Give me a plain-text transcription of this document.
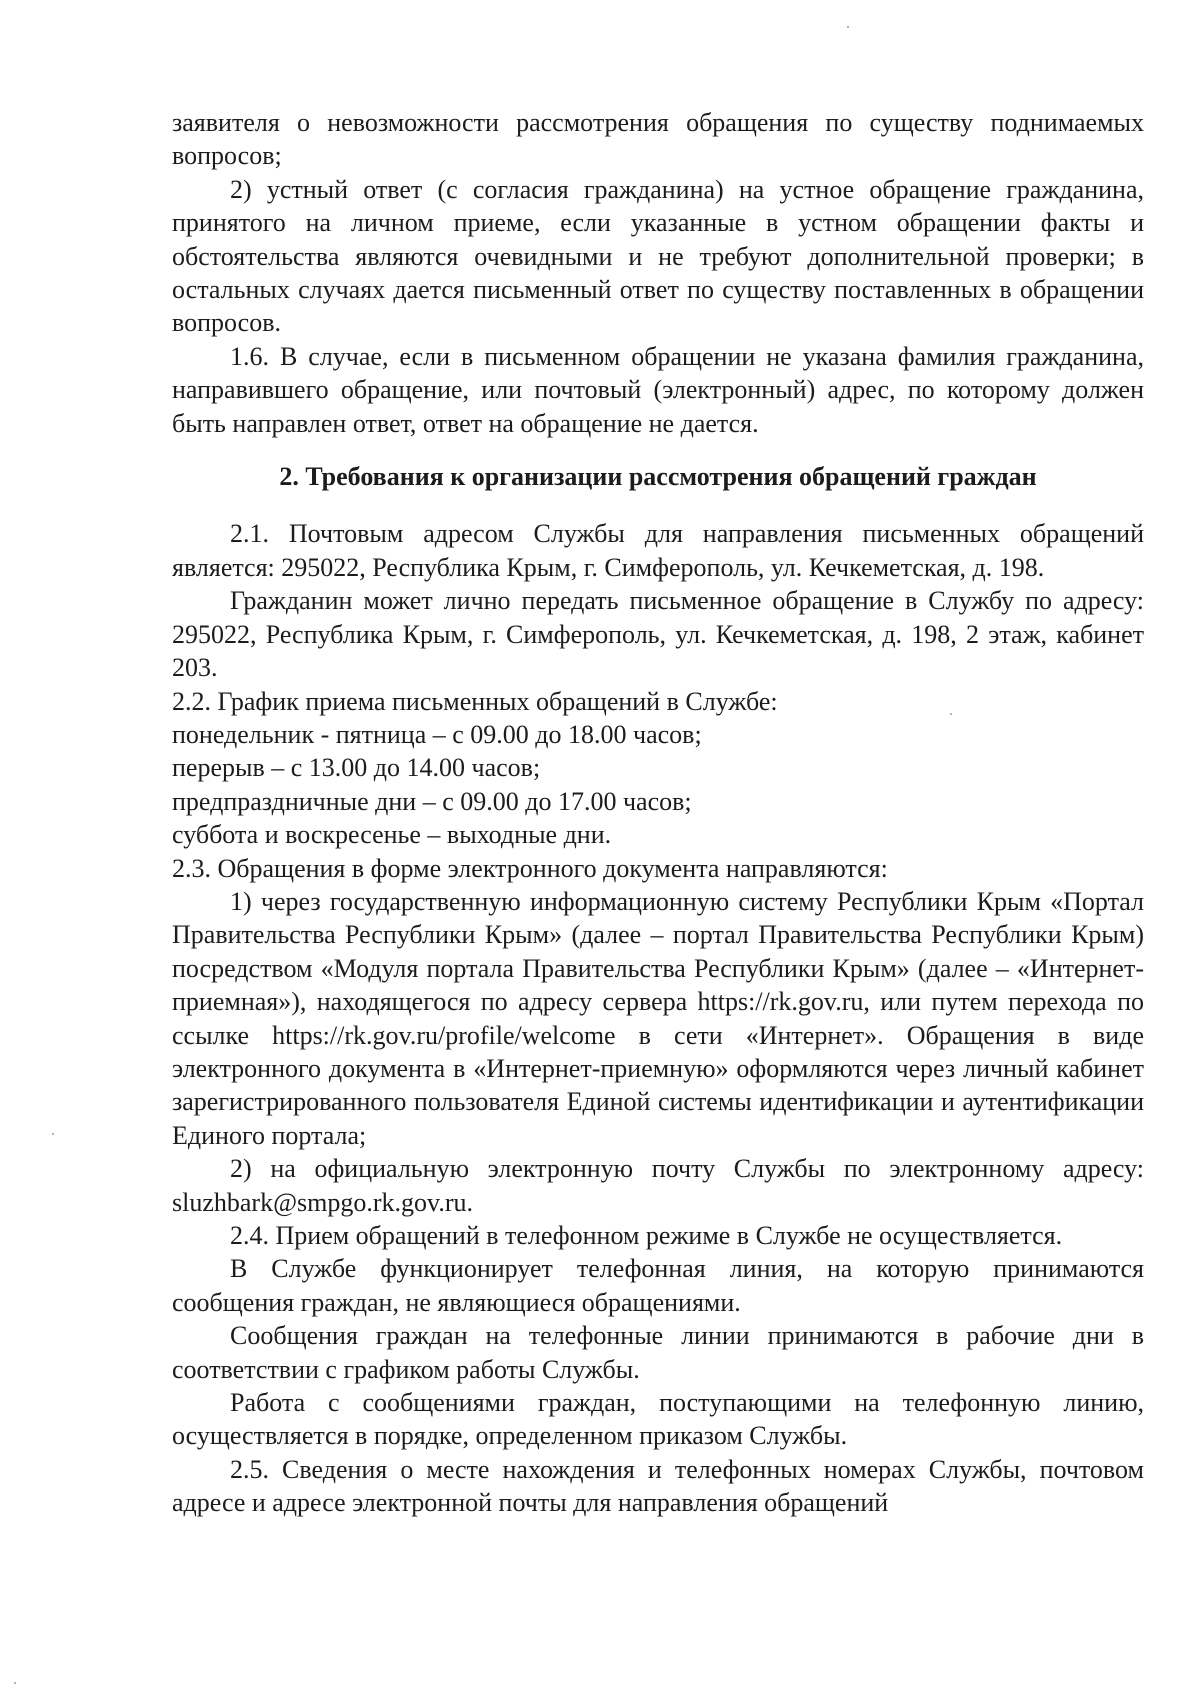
заявителя о невозможности рассмотрения обращения по существу поднимаемых вопросов;

2) устный ответ (с согласия гражданина) на устное обращение гражданина, принятого на личном приеме, если указанные в устном обращении факты и обстоятельства являются очевидными и не требуют дополнительной проверки; в остальных случаях дается письменный ответ по существу поставленных в обращении вопросов.

1.6. В случае, если в письменном обращении не указана фамилия гражданина, направившего обращение, или почтовый (электронный) адрес, по которому должен быть направлен ответ, ответ на обращение не дается.

2. Требования к организации рассмотрения обращений граждан

2.1. Почтовым адресом Службы для направления письменных обращений является: 295022, Республика Крым, г. Симферополь, ул. Кечкеметская, д. 198.

Гражданин может лично передать письменное обращение в Службу по адресу: 295022, Республика Крым, г. Симферополь, ул. Кечкеметская, д. 198, 2 этаж, кабинет 203.

2.2. График приема письменных обращений в Службе:

понедельник - пятница – с 09.00 до 18.00 часов;

перерыв – с 13.00 до 14.00 часов;

предпраздничные дни – с 09.00 до 17.00 часов;

суббота и воскресенье – выходные дни.

2.3. Обращения в форме электронного документа направляются:

1) через государственную информационную систему Республики Крым «Портал Правительства Республики Крым» (далее – портал Правительства Республики Крым) посредством «Модуля портала Правительства Республики Крым» (далее – «Интернет-приемная»), находящегося по адресу сервера https://rk.gov.ru, или путем перехода по ссылке https://rk.gov.ru/profile/welcome в сети «Интернет». Обращения в виде электронного документа в «Интернет-приемную» оформляются через личный кабинет зарегистрированного пользователя Единой системы идентификации и аутентификации Единого портала;

2) на официальную электронную почту Службы по электронному адресу: sluzhbark@smpgo.rk.gov.ru.

2.4. Прием обращений в телефонном режиме в Службе не осуществляется.

В Службе функционирует телефонная линия, на которую принимаются сообщения граждан, не являющиеся обращениями.

Сообщения граждан на телефонные линии принимаются в рабочие дни в соответствии с графиком работы Службы.

Работа с сообщениями граждан, поступающими на телефонную линию, осуществляется в порядке, определенном приказом Службы.

2.5. Сведения о месте нахождения и телефонных номерах Службы, почтовом адресе и адресе электронной почты для направления обращений
